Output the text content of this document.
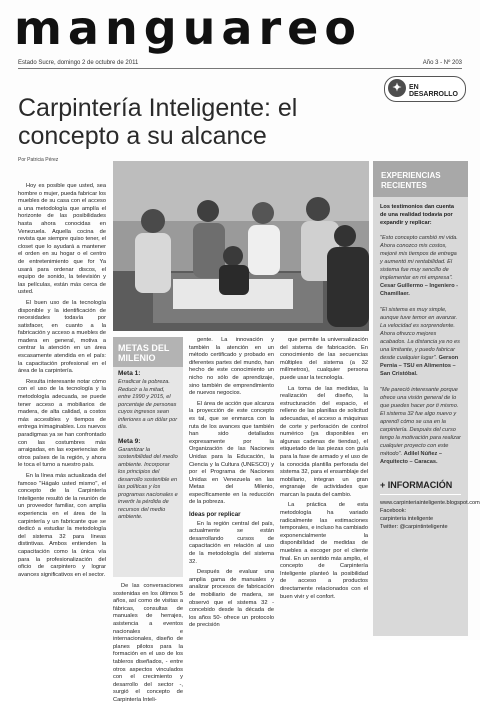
manguareo
Estado Sucre, domingo 2 de octubre de 2011	Año 3 - Nº 203
✦	EN DESARROLLO
Carpintería Inteligente: el concepto a su alcance
Por Patricia Pérez

Hoy es posible que usted, sea hombre o mujer, pueda fabricar los muebles de su casa con el acceso a una metodología que amplía el horizonte de las posibilidades hasta ahora conocidas en Venezuela. Aquella cocina de revista que siempre quiso tener, el closet que lo ayudará a mantener el orden en su hogar o el centro de entretenimiento que for Ya usará para ordenar discos, el equipo de sonido, la televisión y las películas, están más cerca de usted.

El buen uso de la tecnología disponible y la identificación de necesidades todavía por satisfacer, en cuanto a la fabricación y acceso a muebles de madera en general, motiva a centrar la atención en un área escasamente atendida en el país: la capacitación profesional en el área de la carpintería.

Resulta interesante notar cómo con el uso de la tecnología y la metodología adecuada, se puede tener acceso a mobiliarios de madera, de alta calidad, a costos más accesibles y tiempos de entrega inimaginables. Los nuevos paradigmas ya se han confrontado con las costumbres más arraigadas, en las experiencias de otros países de la región, y ahora le toca el turno a nuestro país.

En la línea más actualizada del famoso "Hágalo usted mismo", el concepto de la Carpintería Inteligente resultó de la reunión de un proveedor familiar, con amplia experiencia en el área de la carpintería y un fabricante que se dedicó a estudiar la metodología del sistema 32 para lineas distintivas. Ambos entienden la capacitación como la única vía para la profesionalización del oficio de carpintero y lograr avances significativos en el sector.

METAS DEL MILENIO
Meta 1:
Erradicar la pobreza. Reducir a la mitad, entre 1990 y 2015, el porcentaje de personas cuyos ingresos sean inferiores a un dólar por día.
Meta 9:
Garantizar la sostenibilidad del medio ambiente. Incorporar los principios del desarrollo sostenible en las políticas y los programas nacionales e invertir la pérdida de recursos del medio ambiente.

De las conversaciones sostenidas en los últimos 5 años, así como de visitas a fábricas, consultas de manuales de herrajes, asistencia a eventos nacionales e internacionales, diseño de planes pilotos para la formación en el uso de los tableros diseñados, - entre otros aspectos vinculados con el crecimiento y desarrollo del sector -, surgió el concepto de Carpintería Inteli-

gente. La innovación y también la atención en un método certificado y probado en diferentes partes del mundo, han hecho de este conocimiento un nicho no sólo de aprendizaje, sino también de emprendimiento de nuevos negocios.

El área de acción que alcanza la proyección de este concepto es tal, que se enmarca con la ruta de los avances que también han sido detallados expresamente por la Organización de las Naciones Unidas para la Educación, la Ciencia y la Cultura (UNESCO) y por el Programa de Naciones Unidas en Venezuela en las Metas del Milenio, específicamente en la reducción de la pobreza.

Ideas por replicar

En la región central del país, actualmente se están desarrollando cursos de capacitación en relación al uso de la metodología del sistema 32.

Después de evaluar una amplia gama de manuales y analizar procesos de fabricación de mobiliario de madera, se observó que el sistema 32 -concebido desde la década de los años 50- ofrece un protocolo de precisión

que permite la universalización del sistema de fabricación. En conocimiento de las secuencias múltiples del sistema (a 32 milímetros), cualquier persona puede usar la tecnología.

La toma de las medidas, la realización del diseño, la estructuración del espacio, el relleno de las planillas de solicitud adecuadas, el acceso a máquinas de corte y perforación de control numérico (ya disponibles en algunas cadenas de tiendas), el etiquetado de las piezas con guía para la fase de armado y el uso de la conocida plantilla perforada del sistema 32, para el ensamblaje del mobiliario, integran un gran engranaje de actividades que marcan la pauta del cambio.

La práctica de esta metodología ha variado radicalmente las estimaciones temporales, e incluso ha cambiado exponencialmente la disponibilidad de medidas de muebles a escoger por el cliente final. En un sentido más amplio, el concepto de Carpintería Inteligente planteó la posibilidad de acceso a productos directamente relacionados con el buen vivir y el confort.

EXPERIENCIAS RECIENTES
Los testimonios dan cuenta de una realidad todavía por expandir y replicar:
"Esto concepto cambió mi vida. Ahora conozco mis costos, mejoré mis tiempos de entrega y aumentó mi rentabilidad. El sistema fue muy sencillo de implementar en mi empresa". Cesar Guillermo – Ingeniero - Chamillaer.
"El sistema es muy simple, aunque tuve temor en avanzar. La velocidad es sorprendente. Ahora ofrezco mejores acabados. La distancia ya no es una limitante, y puedo fabricar desde cualquier lugar". Gerson Pernia – TSU en Alimentos – San Cristóbal.
"Me pareció interesante porque ofrece una visión general de lo que puedes hacer por ti mismo. El sistema 32 fue algo nuevo y aprendí cómo se usa en la carpintería. Después del curso tengo la motivación para realizar cualquier proyecto con este método". Adilel Núñez – Arquitecto – Caracas.
+ INFORMACIÓN
www.carpinteriainteligente.blogspot.com
Facebook:
carpinteria inteligente
Twitter: @carpintinteligente
